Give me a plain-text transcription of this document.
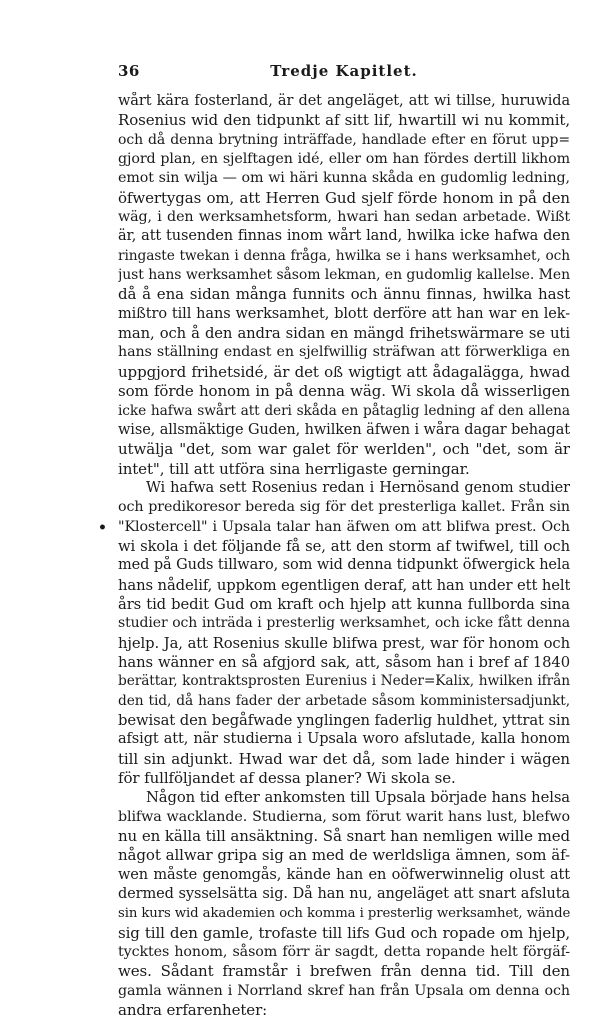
36	Tredje Kapitlet.
•
wårt kära fosterland, är det angeläget, att wi tillse, huruwida
Rosenius wid den tidpunkt af sitt lif, hwartill wi nu kommit,
och då denna brytning inträffade, handlade efter en förut upp=
gjord plan, en sjelftagen idé, eller om han fördes dertill likhom
emot sin wilja — om wi häri kunna skåda en gudomlig ledning,
öfwertygas om, att Herren Gud sjelf förde honom in på den
wäg, i den werksamhetsform, hwari han sedan arbetade. Wißt
är, att tusenden finnas inom wårt land, hwilka icke hafwa den
ringaste twekan i denna fråga, hwilka se i hans werksamhet, och
just hans werksamhet såsom lekman, en gudomlig kallelse. Men
då å ena sidan många funnits och ännu finnas, hwilka hast
mißtro till hans werksamhet, blott derföre att han war en lek-
man, och å den andra sidan en mängd frihetswärmare se uti
hans ställning endast en sjelfwillig sträfwan att förwerkliga en
uppgjord frihetsidé, är det oß wigtigt att ådagalägga, hwad
som förde honom in på denna wäg. Wi skola då wisserligen
icke hafwa swårt att deri skåda en påtaglig ledning af den allena
wise, allsmäktige Guden, hwilken äfwen i wåra dagar behagat
utwälja "det, som war galet för werlden", och "det, som är
intet", till att utföra sina herrligaste gerningar.
Wi hafwa sett Rosenius redan i Hernösand genom studier
och predikoresor bereda sig för det presterliga kallet. Från sin
"Klostercell" i Upsala talar han äfwen om att blifwa prest. Och
wi skola i det följande få se, att den storm af twifwel, till och
med på Guds tillwaro, som wid denna tidpunkt öfwergick hela
hans nådelif, uppkom egentligen deraf, att han under ett helt
års tid bedit Gud om kraft och hjelp att kunna fullborda sina
studier och inträda i presterlig werksamhet, och icke fått denna
hjelp. Ja, att Rosenius skulle blifwa prest, war för honom och
hans wänner en så afgjord sak, att, såsom han i bref af 1840
berättar, kontraktsprosten Eurenius i Neder=Kalix, hwilken ifrån
den tid, då hans fader der arbetade såsom komministersadjunkt,
bewisat den begåfwade ynglingen faderlig huldhet, yttrat sin
afsigt att, när studierna i Upsala woro afslutade, kalla honom
till sin adjunkt. Hwad war det då, som lade hinder i wägen
för fullföljandet af dessa planer? Wi skola se.
Någon tid efter ankomsten till Upsala började hans helsa
blifwa wacklande. Studierna, som förut warit hans lust, blefwo
nu en källa till ansäktning. Så snart han nemligen wille med
något allwar gripa sig an med de werldsliga ämnen, som äf-
wen måste genomgås, kände han en oöfwerwinnelig olust att
dermed sysselsätta sig. Då han nu, angeläget att snart afsluta
sin kurs wid akademien och komma i presterlig werksamhet, wände
sig till den gamle, trofaste till lifs Gud och ropade om hjelp,
tycktes honom, såsom förr är sagdt, detta ropande helt förgäf-
wes. Sådant framstår i brefwen från denna tid. Till den
gamla wännen i Norrland skref han från Upsala om denna och
andra erfarenheter:
